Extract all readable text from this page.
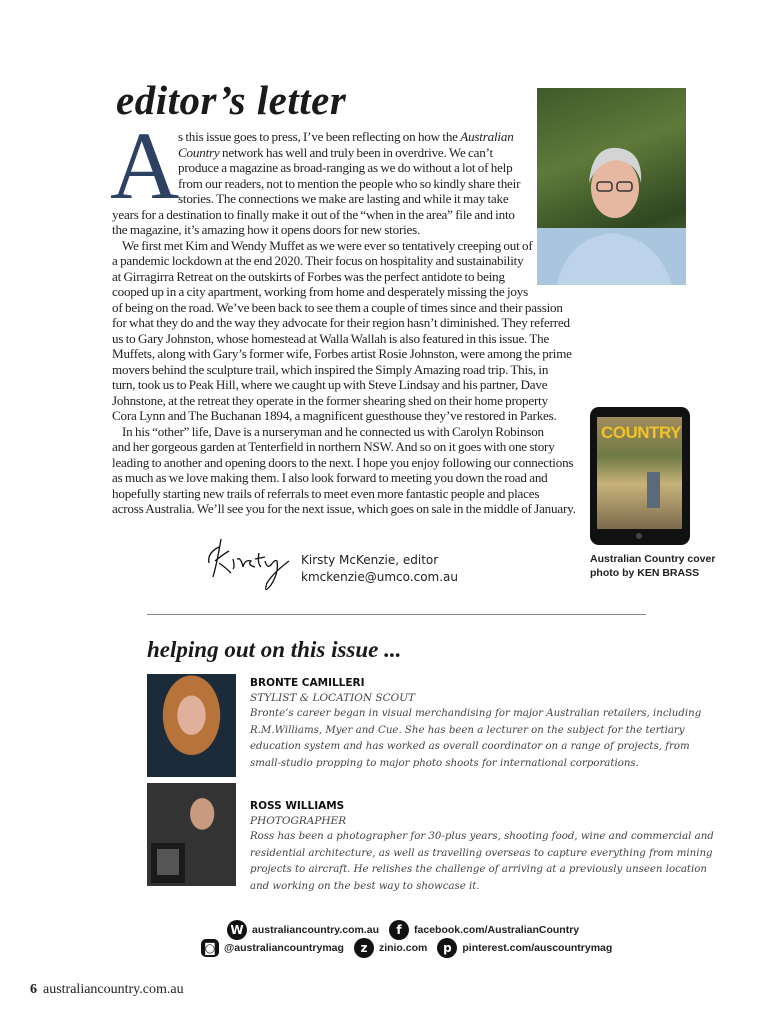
editor’s letter
A
s this issue goes to press, I’ve been reflecting on how the Australian
Country network has well and truly been in overdrive. We can’t
produce a magazine as broad-ranging as we do without a lot of help
from our readers, not to mention the people who so kindly share their
stories. The connections we make are lasting and while it may take
years for a destination to finally make it out of the “when in the area” file and into
the magazine, it’s amazing how it opens doors for new stories.
We first met Kim and Wendy Muffet as we were ever so tentatively creeping out of
a pandemic lockdown at the end 2020. Their focus on hospitality and sustainability
at Girragirra Retreat on the outskirts of Forbes was the perfect antidote to being
cooped up in a city apartment, working from home and desperately missing the joys
of being on the road. We’ve been back to see them a couple of times since and their passion
for what they do and the way they advocate for their region hasn’t diminished. They referred
us to Gary Johnston, whose homestead at Walla Wallah is also featured in this issue. The
Muffets, along with Gary’s former wife, Forbes artist Rosie Johnston, were among the prime
movers behind the sculpture trail, which inspired the Simply Amazing road trip. This, in
turn, took us to Peak Hill, where we caught up with Steve Lindsay and his partner, Dave
Johnstone, at the retreat they operate in the former shearing shed on their home property
Cora Lynn and The Buchanan 1894, a magnificent guesthouse they’ve restored in Parkes.
In his “other” life, Dave is a nurseryman and he connected us with Carolyn Robinson
and her gorgeous garden at Tenterfield in northern NSW. And so on it goes with one story
leading to another and opening doors to the next. I hope you enjoy following our connections
as much as we love making them. I also look forward to meeting you down the road and
hopefully starting new trails of referrals to meet even more fantastic people and places
across Australia. We’ll see you for the next issue, which goes on sale in the middle of January.
COUNTRY
Australian Country cover
photo by KEN BRASS
Kirsty McKenzie, editor
kmckenzie@umco.com.au
helping out on this issue ...
BRONTE CAMILLERI
STYLIST & LOCATION SCOUT
Bronte’s career began in visual merchandising for major Australian retailers, including
R.M.Williams, Myer and Cue. She has been a lecturer on the subject for the tertiary
education system and has worked as overall coordinator on a range of projects, from
small-studio propping to major photo shoots for international corporations.
ROSS WILLIAMS
PHOTOGRAPHER
Ross has been a photographer for 30-plus years, shooting food, wine and commercial and
residential architecture, as well as travelling overseas to capture everything from mining
projects to aircraft. He relishes the challenge of arriving at a previously unseen location
and working on the best way to showcase it.
W australiancountry.com.au	f	facebook.com/AustralianCountry
◙ @australiancountrymag	z	zinio.com	p	pinterest.com/auscountrymag
6 australiancountry.com.au
